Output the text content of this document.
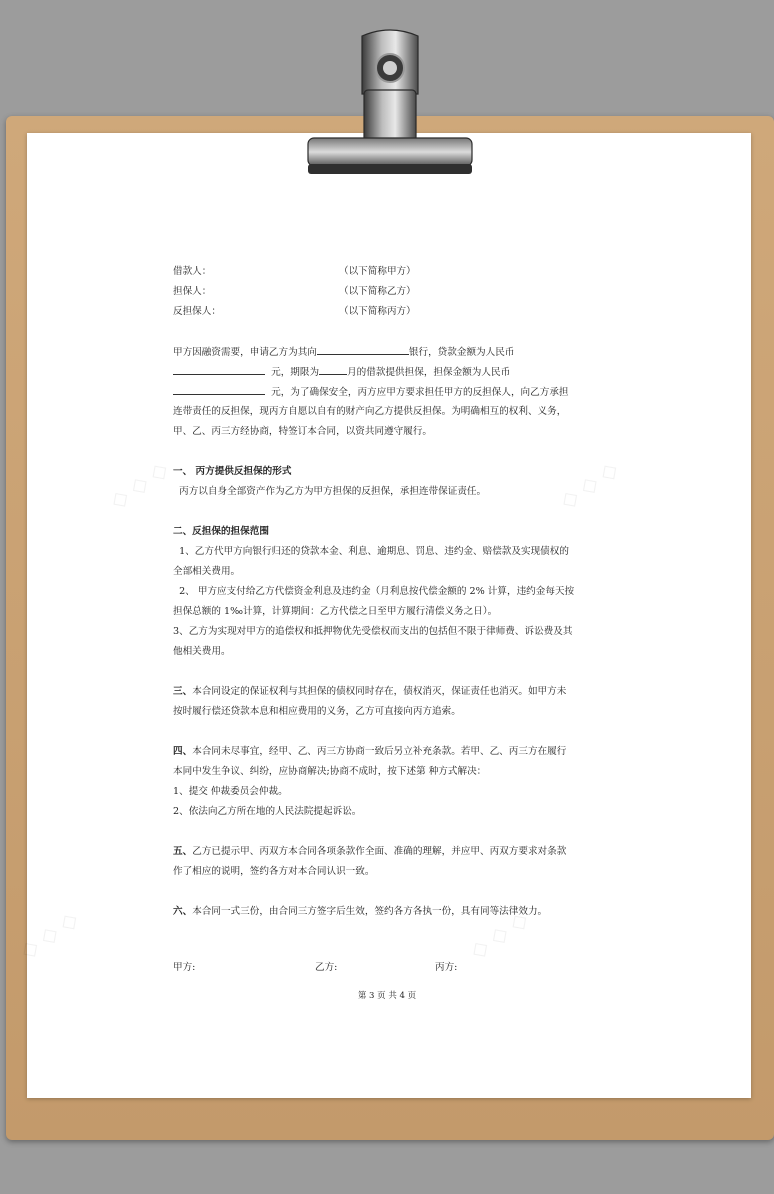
◇ ◇ ◇	◇ ◇ ◇
◇ ◇ ◇	◇ ◇ ◇
借款人：	（以下简称甲方）
担保人：	（以下简称乙方）
反担保人：	（以下简称丙方）
甲方因融资需要，申请乙方为其向	银行，贷款金额为人民币
元，期限为	月的借款提供担保，担保金额为人民币
元，为了确保安全，丙方应甲方要求担任甲方的反担保人，向乙方承担
连带责任的反担保，现丙方自愿以自有的财产向乙方提供反担保。为明确相互的权利、义务，
甲、乙、丙三方经协商，特签订本合同，以资共同遵守履行。
一、 丙方提供反担保的形式
丙方以自身全部资产作为乙方为甲方担保的反担保，承担连带保证责任。
二、反担保的担保范围
1、乙方代甲方向银行归还的贷款本金、利息、逾期息、罚息、违约金、赔偿款及实现债权的
全部相关费用。
2、 甲方应支付给乙方代偿资金利息及违约金（月利息按代偿金额的 2% 计算，违约金每天按
担保总额的 1‰计算，计算期间：乙方代偿之日至甲方履行清偿义务之日）。
3、乙方为实现对甲方的追偿权和抵押物优先受偿权而支出的包括但不限于律师费、诉讼费及其
他相关费用。
三、本合同设定的保证权利与其担保的债权同时存在，债权消灭，保证责任也消灭。如甲方未
按时履行偿还贷款本息和相应费用的义务，乙方可直接向丙方追索。
四、本合同未尽事宜，经甲、乙、丙三方协商一致后另立补充条款。若甲、乙、丙三方在履行
本同中发生争议、纠纷，应协商解决;协商不成时，按下述第 种方式解决：
1、提交 仲裁委员会仲裁。
2、依法向乙方所在地的人民法院提起诉讼。
五、乙方已提示甲、丙双方本合同各项条款作全面、准确的理解，并应甲、丙双方要求对条款
作了相应的说明，签约各方对本合同认识一致。
六、本合同一式三份，由合同三方签字后生效，签约各方各执一份，具有同等法律效力。
甲方:	乙方:	丙方:
第 3 页 共 4 页
